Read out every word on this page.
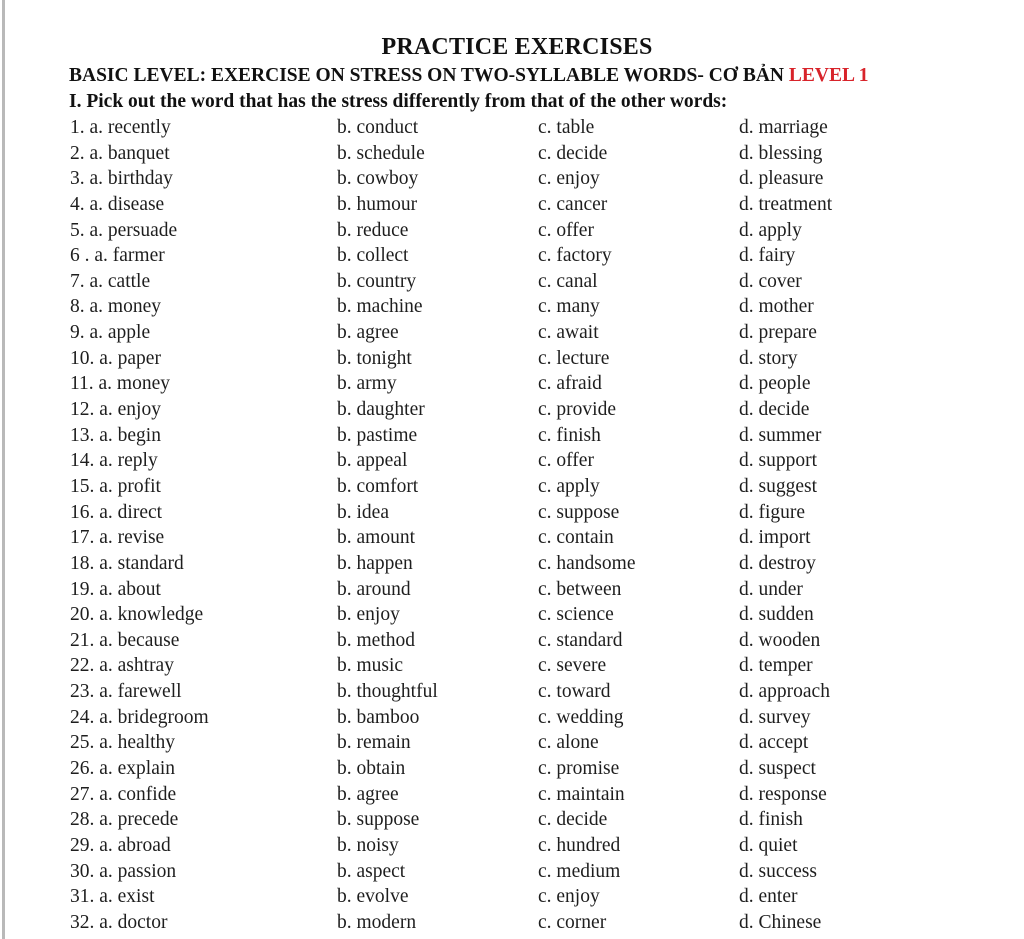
PRACTICE EXERCISES
BASIC LEVEL: EXERCISE ON STRESS ON TWO-SYLLABLE WORDS- CƠ BẢN LEVEL 1
I. Pick out the word that has the stress differently from that of the other words:
1. a. recently	b. conduct	c. table	d. marriage
2. a. banquet	b. schedule	c. decide	d. blessing
3. a. birthday	b. cowboy	c. enjoy	d. pleasure
4. a. disease	b. humour	c. cancer	d. treatment
5. a. persuade	b. reduce	c. offer	d. apply
6 . a. farmer	b. collect	c. factory	d. fairy
7. a. cattle	b. country	c. canal	d. cover
8. a. money	b. machine	c. many	d. mother
9. a. apple	b. agree	c. await	d. prepare
10. a. paper	b. tonight	c. lecture	d. story
11. a. money	b. army	c. afraid	d. people
12. a. enjoy	b. daughter	c. provide	d. decide
13. a. begin	b. pastime	c. finish	d. summer
14. a. reply	b. appeal	c. offer	d. support
15. a. profit	b. comfort	c. apply	d. suggest
16. a. direct	b. idea	c. suppose	d. figure
17. a. revise	b. amount	c. contain	d. import
18. a. standard	b. happen	c. handsome	d. destroy
19. a. about	b. around	c. between	d. under
20. a. knowledge	b. enjoy	c. science	d. sudden
21. a. because	b. method	c. standard	d. wooden
22. a. ashtray	b. music	c. severe	d. temper
23. a. farewell	b. thoughtful	c. toward	d. approach
24. a. bridegroom	b. bamboo	c. wedding	d. survey
25. a. healthy	b. remain	c. alone	d. accept
26. a. explain	b. obtain	c. promise	d. suspect
27. a. confide	b. agree	c. maintain	d. response
28. a. precede	b. suppose	c. decide	d. finish
29. a. abroad	b. noisy	c. hundred	d. quiet
30. a. passion	b. aspect	c. medium	d. success
31. a. exist	b. evolve	c. enjoy	d. enter
32. a. doctor	b. modern	c. corner	d. Chinese
